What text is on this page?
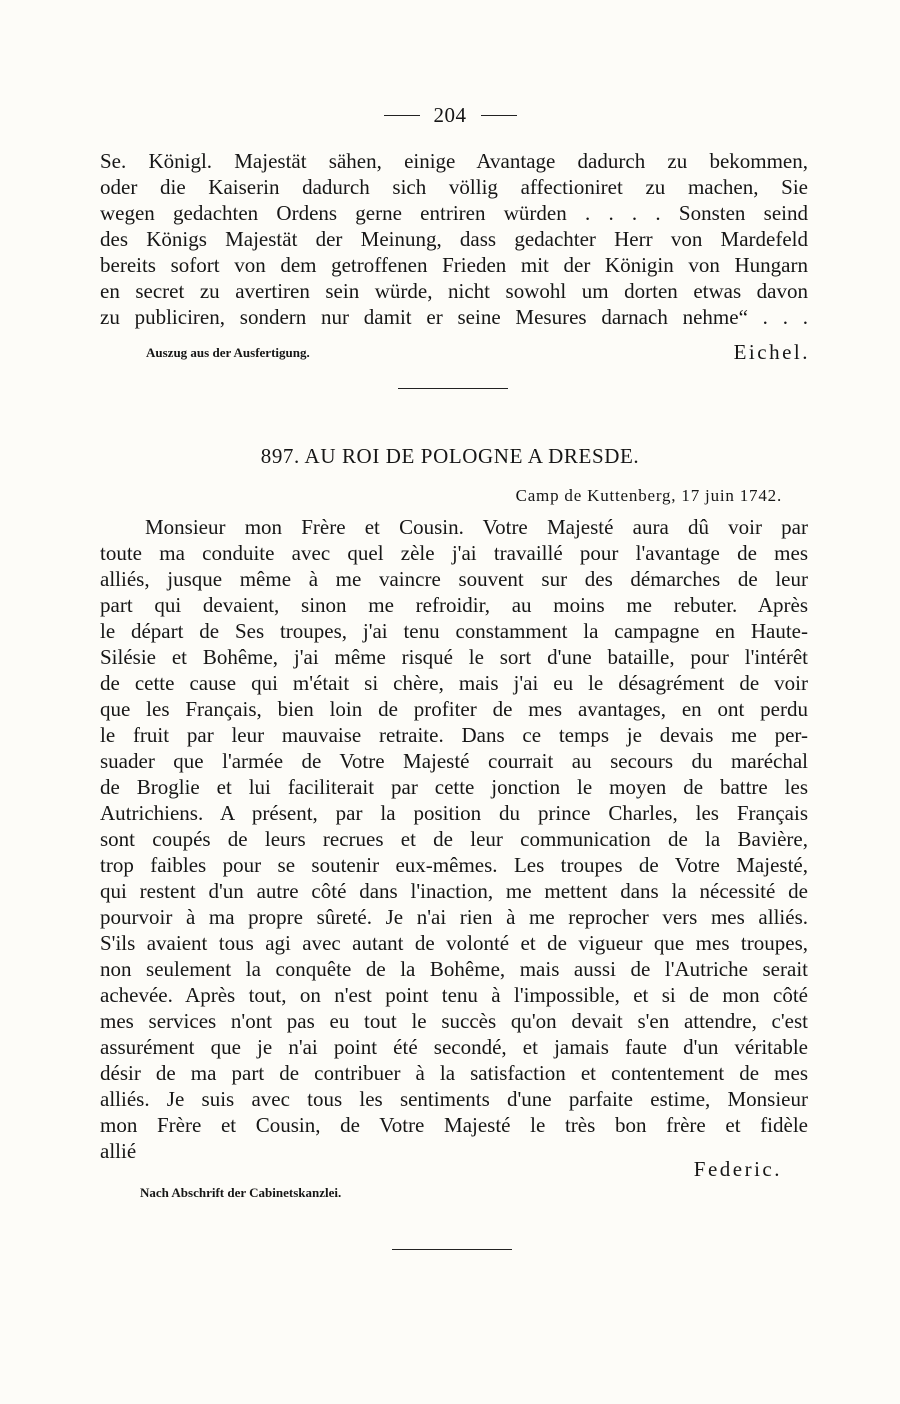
204
Se. Königl. Majestät sähen, einige Avantage dadurch zu bekommen,
oder die Kaiserin dadurch sich völlig affectioniret zu machen, Sie
wegen gedachten Ordens gerne entriren würden . . . . Sonsten seind
des Königs Majestät der Meinung, dass gedachter Herr von Mardefeld
bereits sofort von dem getroffenen Frieden mit der Königin von Hungarn
en secret zu avertiren sein würde, nicht sowohl um dorten etwas davon
zu publiciren, sondern nur damit er seine Mesures darnach nehme“ . . .
Auszug aus der Ausfertigung.	Eichel.
897. AU ROI DE POLOGNE A DRESDE.
Camp de Kuttenberg, 17 juin 1742.
Monsieur mon Frère et Cousin. Votre Majesté aura dû voir par
toute ma conduite avec quel zèle j'ai travaillé pour l'avantage de mes
alliés, jusque même à me vaincre souvent sur des démarches de leur
part qui devaient, sinon me refroidir, au moins me rebuter. Après
le départ de Ses troupes, j'ai tenu constamment la campagne en Haute-
Silésie et Bohême, j'ai même risqué le sort d'une bataille, pour l'intérêt
de cette cause qui m'était si chère, mais j'ai eu le désagrément de voir
que les Français, bien loin de profiter de mes avantages, en ont perdu
le fruit par leur mauvaise retraite. Dans ce temps je devais me per-
suader que l'armée de Votre Majesté courrait au secours du maréchal
de Broglie et lui faciliterait par cette jonction le moyen de battre les
Autrichiens. A présent, par la position du prince Charles, les Français
sont coupés de leurs recrues et de leur communication de la Bavière,
trop faibles pour se soutenir eux-mêmes. Les troupes de Votre Majesté,
qui restent d'un autre côté dans l'inaction, me mettent dans la nécessité de
pourvoir à ma propre sûreté. Je n'ai rien à me reprocher vers mes alliés.
S'ils avaient tous agi avec autant de volonté et de vigueur que mes troupes,
non seulement la conquête de la Bohême, mais aussi de l'Autriche serait
achevée. Après tout, on n'est point tenu à l'impossible, et si de mon côté
mes services n'ont pas eu tout le succès qu'on devait s'en attendre, c'est
assurément que je n'ai point été secondé, et jamais faute d'un véritable
désir de ma part de contribuer à la satisfaction et contentement de mes
alliés. Je suis avec tous les sentiments d'une parfaite estime, Monsieur
mon Frère et Cousin, de Votre Majesté le très bon frère et fidèle
allié
Federic.
Nach Abschrift der Cabinetskanzlei.
